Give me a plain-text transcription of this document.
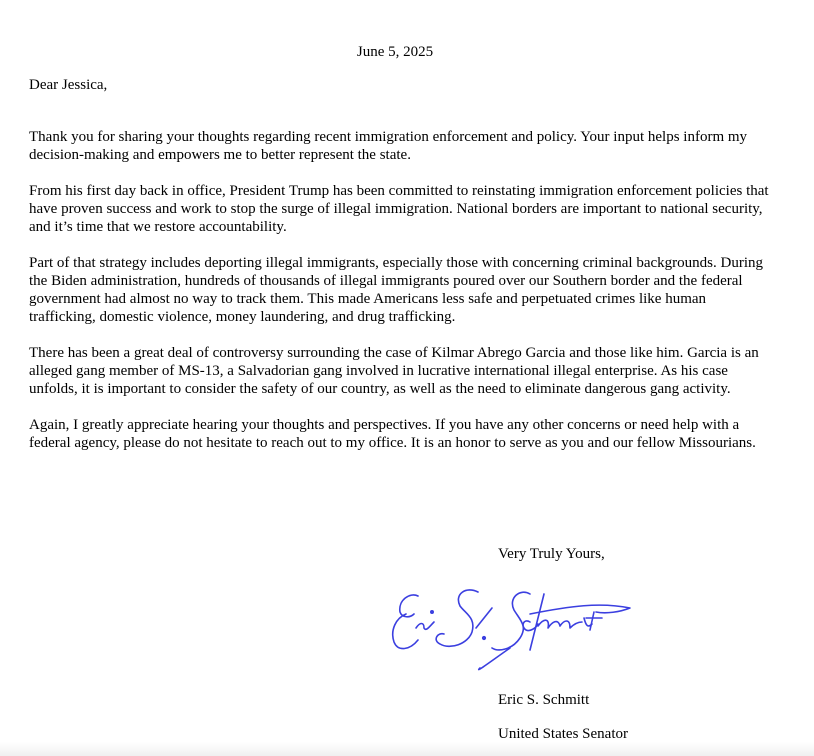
June 5, 2025
Dear Jessica,

Thank you for sharing your thoughts regarding recent immigration enforcement and policy. Your input helps inform my decision-making and empowers me to better represent the state.

From his first day back in office, President Trump has been committed to reinstating immigration enforcement policies that have proven success and work to stop the surge of illegal immigration. National borders are important to national security, and it’s time that we restore accountability.

Part of that strategy includes deporting illegal immigrants, especially those with concerning criminal backgrounds. During the Biden administration, hundreds of thousands of illegal immigrants poured over our Southern border and the federal government had almost no way to track them. This made Americans less safe and perpetuated crimes like human trafficking, domestic violence, money laundering, and drug trafficking.

There has been a great deal of controversy surrounding the case of Kilmar Abrego Garcia and those like him. Garcia is an alleged gang member of MS-13, a Salvadorian gang involved in lucrative international illegal enterprise. As his case unfolds, it is important to consider the safety of our country, as well as the need to eliminate dangerous gang activity.

Again, I greatly appreciate hearing your thoughts and perspectives. If you have any other concerns or need help with a federal agency, please do not hesitate to reach out to my office. It is an honor to serve as you and our fellow Missourians.

Very Truly Yours,
Eric S. Schmitt
United States Senator
